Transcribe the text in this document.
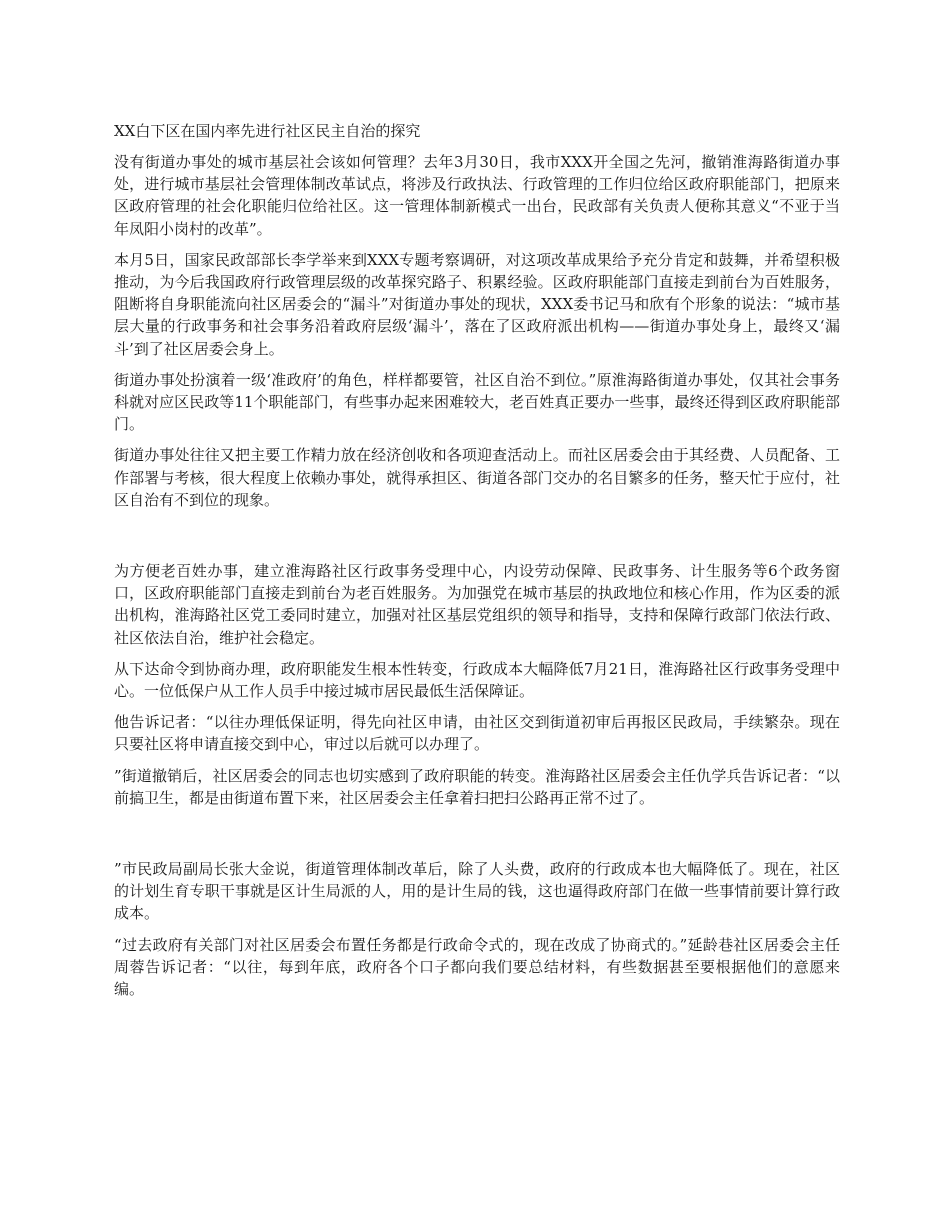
XX白下区在国内率先进行社区民主自治的探究

没有街道办事处的城市基层社会该如何管理？去年3月30日，我市XXX开全国之先河，撤销淮海路街道办事处，进行城市基层社会管理体制改革试点，将涉及行政执法、行政管理的工作归位给区政府职能部门，把原来区政府管理的社会化职能归位给社区。这一管理体制新模式一出台，民政部有关负责人便称其意义“不亚于当年凤阳小岗村的改革”。

本月5日，国家民政部部长李学举来到XXX专题考察调研，对这项改革成果给予充分肯定和鼓舞，并希望积极推动，为今后我国政府行政管理层级的改革探究路子、积累经验。区政府职能部门直接走到前台为百姓服务，阻断将自身职能流向社区居委会的“漏斗”对街道办事处的现状，XXX委书记马和欣有个形象的说法：“城市基层大量的行政事务和社会事务沿着政府层级‘漏斗’，落在了区政府派出机构——街道办事处身上，最终又‘漏斗’到了社区居委会身上。

街道办事处扮演着一级‘准政府’的角色，样样都要管，社区自治不到位。”原淮海路街道办事处，仅其社会事务科就对应区民政等11个职能部门，有些事办起来困难较大，老百姓真正要办一些事，最终还得到区政府职能部门。

街道办事处往往又把主要工作精力放在经济创收和各项迎查活动上。而社区居委会由于其经费、人员配备、工作部署与考核，很大程度上依赖办事处，就得承担区、街道各部门交办的名目繁多的任务，整天忙于应付，社区自治有不到位的现象。

为方便老百姓办事，建立淮海路社区行政事务受理中心，内设劳动保障、民政事务、计生服务等6个政务窗口，区政府职能部门直接走到前台为老百姓服务。为加强党在城市基层的执政地位和核心作用，作为区委的派出机构，淮海路社区党工委同时建立，加强对社区基层党组织的领导和指导，支持和保障行政部门依法行政、社区依法自治，维护社会稳定。

从下达命令到协商办理，政府职能发生根本性转变，行政成本大幅降低7月21日，淮海路社区行政事务受理中心。一位低保户从工作人员手中接过城市居民最低生活保障证。

他告诉记者：“以往办理低保证明，得先向社区申请，由社区交到街道初审后再报区民政局，手续繁杂。现在只要社区将申请直接交到中心，审过以后就可以办理了。

”街道撤销后，社区居委会的同志也切实感到了政府职能的转变。淮海路社区居委会主任仇学兵告诉记者：“以前搞卫生，都是由街道布置下来，社区居委会主任拿着扫把扫公路再正常不过了。

”市民政局副局长张大金说，街道管理体制改革后，除了人头费，政府的行政成本也大幅降低了。现在，社区的计划生育专职干事就是区计生局派的人，用的是计生局的钱，这也逼得政府部门在做一些事情前要计算行政成本。

“过去政府有关部门对社区居委会布置任务都是行政命令式的，现在改成了协商式的。”延龄巷社区居委会主任周蓉告诉记者：“以往，每到年底，政府各个口子都向我们要总结材料，有些数据甚至要根据他们的意愿来编。
